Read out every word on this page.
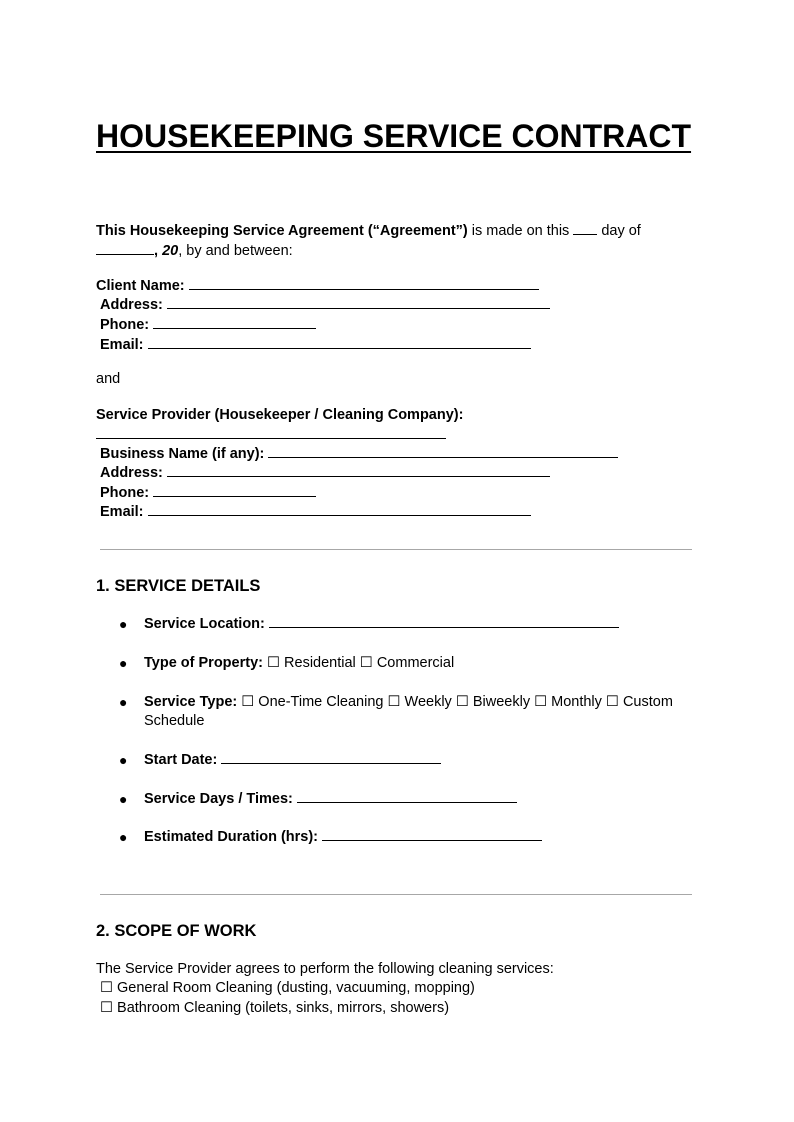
HOUSEKEEPING SERVICE CONTRACT
This Housekeeping Service Agreement (“Agreement”) is made on this  day of
, 20, by and between:
Client Name:
Address:
Phone:
Email:
and
Service Provider (Housekeeper / Cleaning Company):
Business Name (if any):
Address:
Phone:
Email:
1. SERVICE DETAILS
● Service Location:
● Type of Property: ☐ Residential ☐ Commercial
● Service Type: ☐ One-Time Cleaning ☐ Weekly ☐ Biweekly ☐ Monthly ☐ Custom
Schedule
● Start Date:
● Service Days / Times:
● Estimated Duration (hrs):
2. SCOPE OF WORK
The Service Provider agrees to perform the following cleaning services:
☐ General Room Cleaning (dusting, vacuuming, mopping)
☐ Bathroom Cleaning (toilets, sinks, mirrors, showers)
